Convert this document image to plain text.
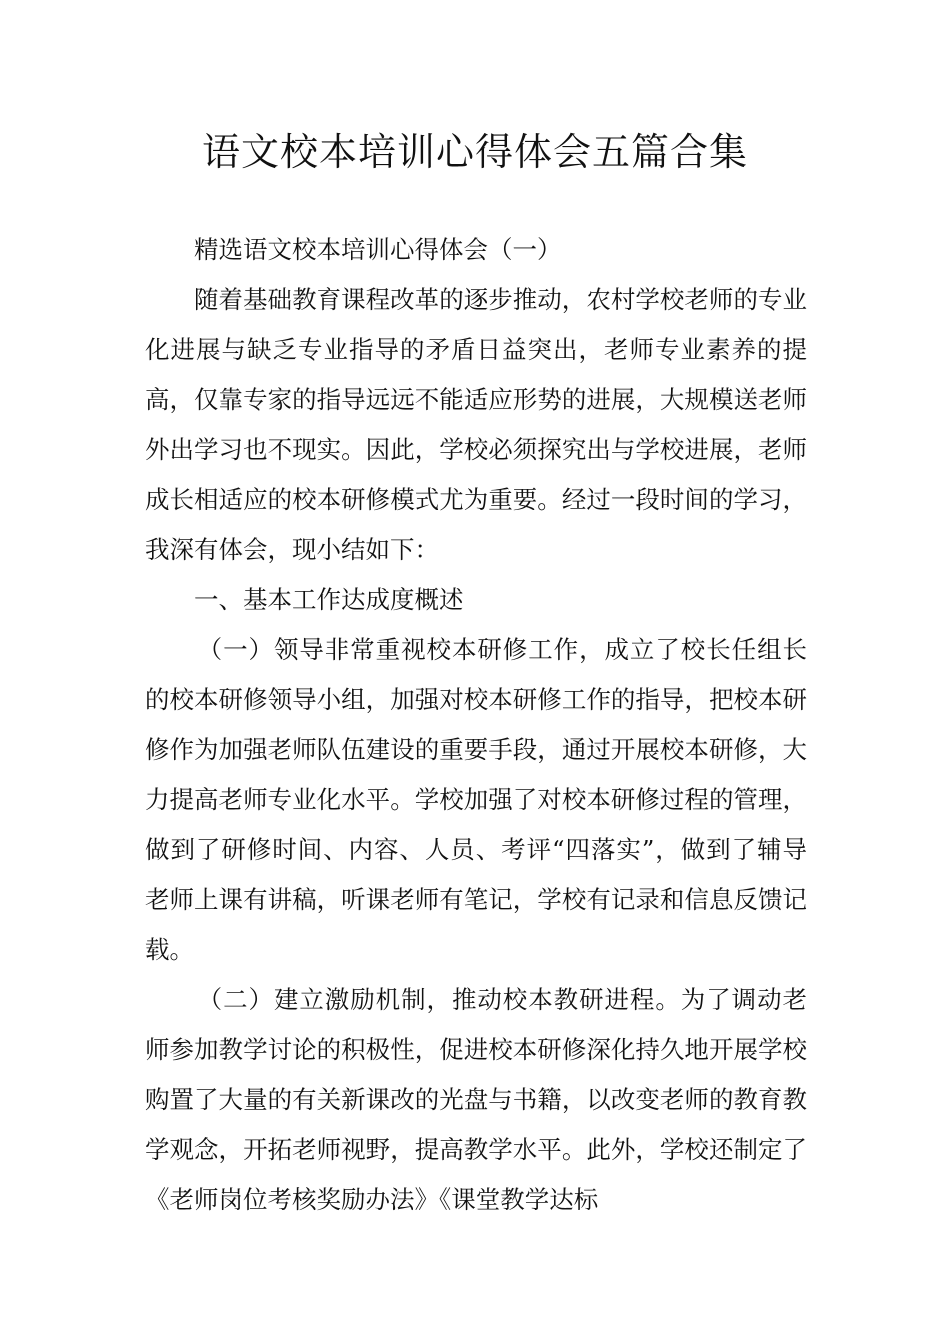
语文校本培训心得体会五篇合集

精选语文校本培训心得体会（一）

随着基础教育课程改革的逐步推动，农村学校老师的专业化进展与缺乏专业指导的矛盾日益突出，老师专业素养的提高，仅靠专家的指导远远不能适应形势的进展，大规模送老师外出学习也不现实。因此，学校必须探究出与学校进展，老师成长相适应的校本研修模式尤为重要。经过一段时间的学习，我深有体会，现小结如下：

一、基本工作达成度概述

（一）领导非常重视校本研修工作，成立了校长任组长的校本研修领导小组，加强对校本研修工作的指导，把校本研修作为加强老师队伍建设的重要手段，通过开展校本研修，大力提高老师专业化水平。学校加强了对校本研修过程的管理，做到了研修时间、内容、人员、考评“四落实”，做到了辅导老师上课有讲稿，听课老师有笔记，学校有记录和信息反馈记载。

（二）建立激励机制，推动校本教研进程。为了调动老师参加教学讨论的积极性，促进校本研修深化持久地开展学校购置了大量的有关新课改的光盘与书籍，以改变老师的教育教学观念，开拓老师视野，提高教学水平。此外，学校还制定了《老师岗位考核奖励办法》《课堂教学达标
